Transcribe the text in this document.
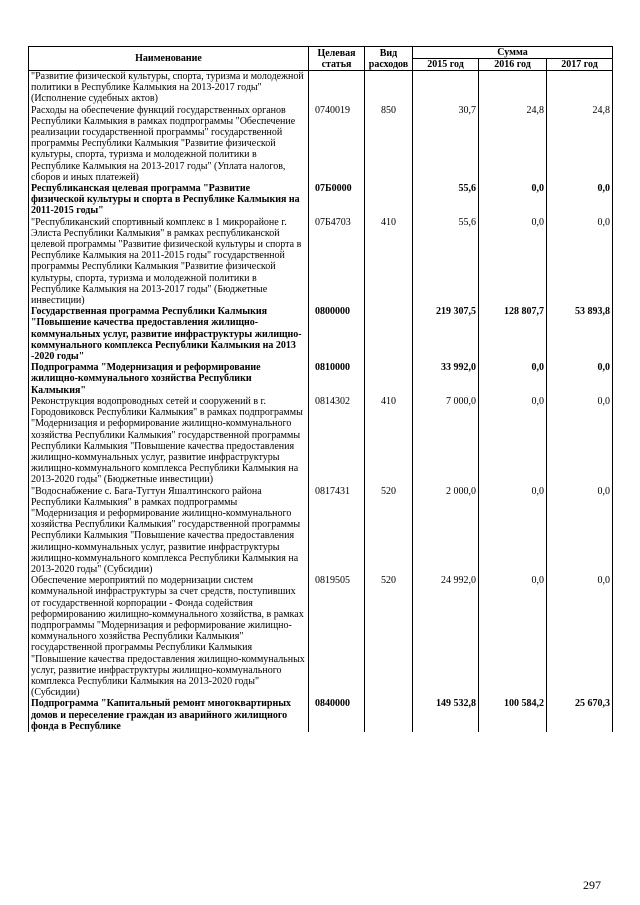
Наименование	Целевая статья	Вид расходов	Сумма		
			2015 год	2016 год	2017 год
"Развитие физической культуры, спорта, туризма и молодежной политики в Республике Калмыкия на 2013-2017 годы" (Исполнение судебных актов)					
Расходы на обеспечение функций государственных органов Республики Калмыкия в рамках подпрограммы "Обеспечение реализации государственной программы" государственной программы Республики Калмыкия "Развитие физической культуры, спорта, туризма и молодежной политики в Республике Калмыкия на 2013-2017 годы" (Уплата налогов, сборов и иных платежей)	0740019	850	30,7	24,8	24,8
Республиканская целевая программа "Развитие физической культуры и спорта в Республике Калмыкия на 2011-2015 годы"	07Б0000		55,6	0,0	0,0
"Республиканский спортивный комплекс в 1 микрорайоне г. Элиста Республики Калмыкия" в рамках республиканской целевой программы "Развитие физической культуры и спорта в Республике Калмыкия на 2011-2015 годы" государственной программы Республики Калмыкия "Развитие физической культуры, спорта, туризма и молодежной политики в Республике Калмыкия на 2013-2017 годы" (Бюджетные инвестиции)	07Б4703	410	55,6	0,0	0,0
Государственная программа Республики Калмыкия "Повышение качества предоставления жилищно-коммунальных услуг, развитие инфраструктуры жилищно-коммунального комплекса Республики Калмыкия на 2013 -2020 годы"	0800000		219 307,5	128 807,7	53 893,8
Подпрограмма "Модернизация и реформирование жилищно-коммунального хозяйства Республики Калмыкия"	0810000		33 992,0	0,0	0,0
Реконструкция водопроводных сетей и сооружений в г. Городовиковск Республики Калмыкия" в рамках подпрограммы "Модернизация и реформирование жилищно-коммунального хозяйства Республики Калмыкия" государственной программы Республики Калмыкия "Повышение качества предоставления жилищно-коммунальных услуг, развитие инфраструктуры жилищно-коммунального комплекса Республики Калмыкия на 2013-2020 годы" (Бюджетные инвестиции)	0814302	410	7 000,0	0,0	0,0
"Водоснабжение с. Бага-Тугтун Яшалтинского района Республики Калмыкия" в рамках подпрограммы "Модернизация и реформирование жилищно-коммунального хозяйства Республики Калмыкия" государственной программы Республики Калмыкия "Повышение качества предоставления жилищно-коммунальных услуг, развитие инфраструктуры жилищно-коммунального комплекса Республики Калмыкия на 2013-2020 годы" (Субсидии)	0817431	520	2 000,0	0,0	0,0
Обеспечение мероприятий по модернизации систем коммунальной инфраструктуры за счет средств, поступивших от государственной корпорации - Фонда содействия реформированию жилищно-коммунального хозяйства, в рамках подпрограммы "Модернизация и реформирование жилищно-коммунального хозяйства Республики Калмыкия" государственной программы Республики Калмыкия "Повышение качества предоставления жилищно-коммунальных услуг, развитие инфраструктуры жилищно-коммунального комплекса Республики Калмыкия на 2013-2020 годы" (Субсидии)	0819505	520	24 992,0	0,0	0,0
Подпрограмма "Капитальный ремонт многоквартирных домов и переселение граждан из аварийного жилищного фонда в Республике	0840000		149 532,8	100 584,2	25 670,3
297
